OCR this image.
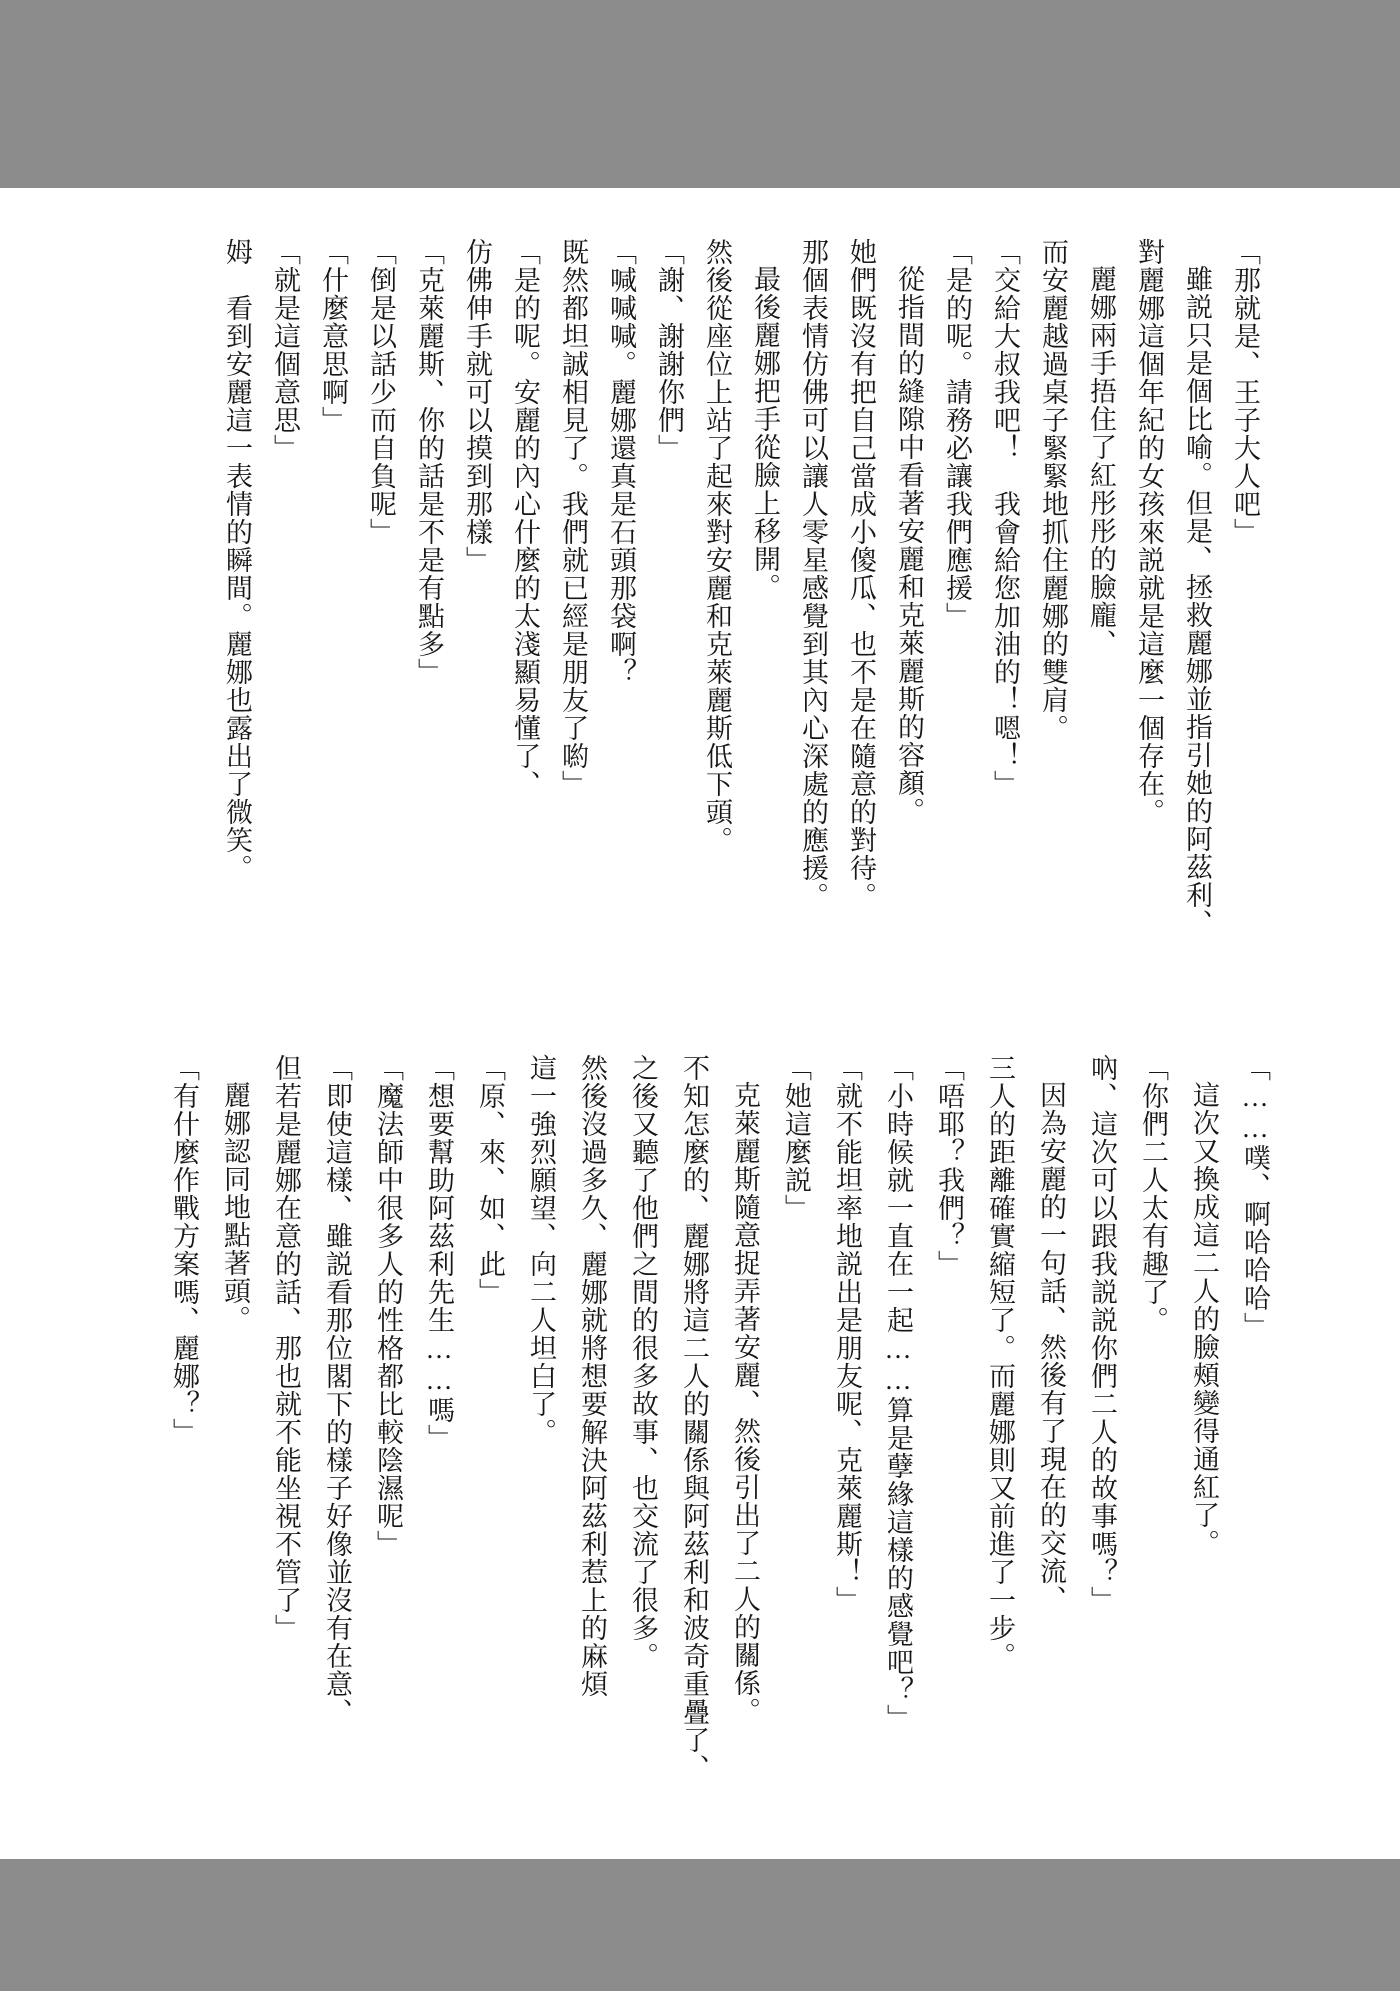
「那就是、王子大人吧」

雖説只是個比喻。但是、拯救麗娜並指引她的阿茲利、

對麗娜這個年紀的女孩來説就是這麼一個存在。

麗娜兩手捂住了紅彤彤的臉龐、

而安麗越過桌子緊緊地抓住麗娜的雙肩。

「交給大叔我吧！　我會給您加油的！嗯！」

「是的呢。請務必讓我們應援」

從指間的縫隙中看著安麗和克萊麗斯的容顏。

她們既沒有把自己當成小傻瓜、也不是在隨意的對待。

那個表情仿佛可以讓人零星感覺到其內心深處的應援。

最後麗娜把手從臉上移開。

然後從座位上站了起來對安麗和克萊麗斯低下頭。

「謝、謝謝你們」

「喊喊喊。麗娜還真是石頭那袋啊？

既然都坦誠相見了。我們就已經是朋友了喲」

「是的呢。安麗的內心什麼的太淺顯易懂了、

仿佛伸手就可以摸到那樣」

「克萊麗斯、你的話是不是有點多」

「倒是以話少而自負呢」

「什麼意思啊」

「就是這個意思」

姆　看到安麗這一表情的瞬間。麗娜也露出了微笑。

「……噗、啊哈哈哈」

這次又換成這二人的臉頰變得通紅了。

「你們二人太有趣了。

吶、這次可以跟我説説你們二人的故事嗎？」

因為安麗的一句話、然後有了現在的交流、

三人的距離確實縮短了。而麗娜則又前進了一步。

「唔耶？我們？」

「小時候就一直在一起……算是孽緣這樣的感覺吧？」

「就不能坦率地説出是朋友呢、克萊麗斯！」

「她這麼説」

克萊麗斯隨意捉弄著安麗、然後引出了二人的關係。

不知怎麼的、麗娜將這二人的關係與阿茲利和波奇重疊了、

之後又聽了他們之間的很多故事、也交流了很多。

然後沒過多久、麗娜就將想要解決阿茲利惹上的麻煩

這一強烈願望、向二人坦白了。

「原、來、如、此」

「想要幫助阿茲利先生……嗎」

「魔法師中很多人的性格都比較陰濕呢」

「即使這樣、雖説看那位閣下的樣子好像並沒有在意、

但若是麗娜在意的話、那也就不能坐視不管了」

麗娜認同地點著頭。

「有什麼作戰方案嗎、麗娜？」
